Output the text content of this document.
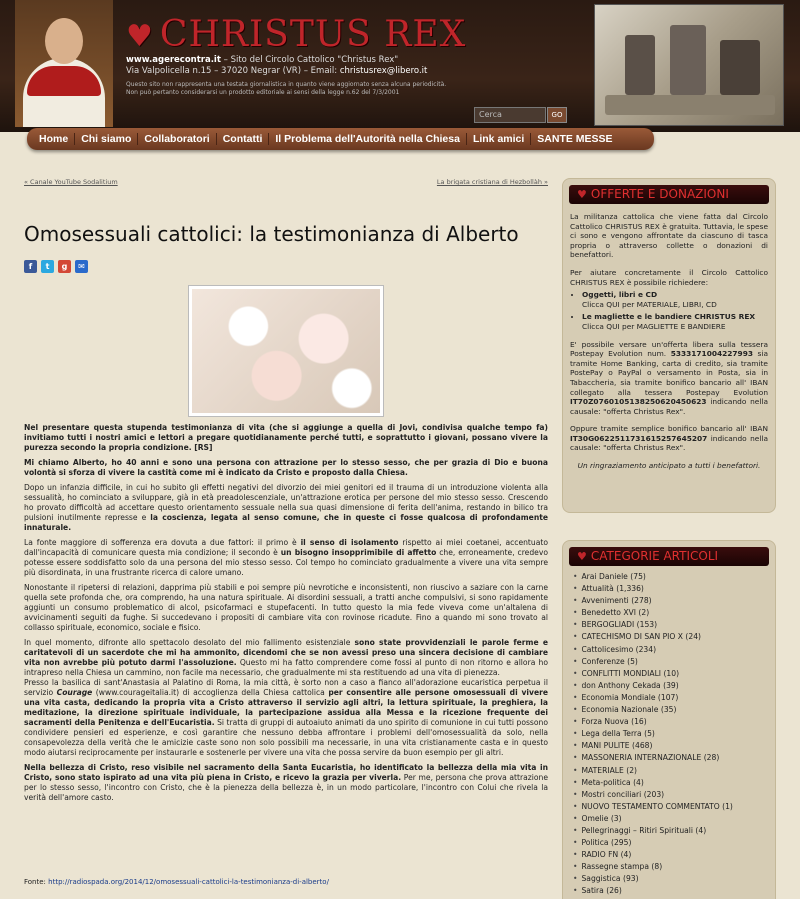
♥ CHRISTUS REX
www.agerecontra.it – Sito del Circolo Cattolico "Christus Rex"
Via Valpolicella n.15 – 37020 Negrar (VR) – Email: christusrex@libero.it
Questo sito non rappresenta una testata giornalistica in quanto viene aggiornato senza alcuna periodicità.
Non può pertanto considerarsi un prodotto editoriale ai sensi della legge n.62 del 7/3/2001
Cerca	GO
Home	Chi siamo	Collaboratori	Contatti	Il Problema dell'Autorità nella Chiesa	Link amici	SANTE MESSE
« Canale YouTube Sodalitium	La brigata cristiana di Hezbollàh »
Omosessuali cattolici: la testimonianza di Alberto
f	t	g	✉

Nel presentare questa stupenda testimonianza di vita (che si aggiunge a quella di Jovi, condivisa qualche tempo fa) invitiamo tutti i nostri amici e lettori a pregare quotidianamente perché tutti, e soprattutto i giovani, possano vivere la purezza secondo la propria condizione. [RS]

Mi chiamo Alberto, ho 40 anni e sono una persona con attrazione per lo stesso sesso, che per grazia di Dio e buona volontà si sforza di vivere la castità come mi è indicato da Cristo e proposto dalla Chiesa.

Dopo un infanzia difficile, in cui ho subito gli effetti negativi del divorzio dei miei genitori ed il trauma di un introduzione violenta alla sessualità, ho cominciato a sviluppare, già in età preadolescenziale, un'attrazione erotica per persone del mio stesso sesso. Crescendo ho provato difficoltà ad accettare questo orientamento sessuale nella sua quasi dimensione di ferita dell'anima, restando in bilico tra pulsioni inutilmente represse e la coscienza, legata al senso comune, che in queste ci fosse qualcosa di profondamente innaturale.

La fonte maggiore di sofferenza era dovuta a due fattori: il primo è il senso di isolamento rispetto ai miei coetanei, accentuato dall'incapacità di comunicare questa mia condizione; il secondo è un bisogno insopprimibile di affetto che, erroneamente, credevo potesse essere soddisfatto solo da una persona del mio stesso sesso. Col tempo ho cominciato gradualmente a vivere una vita sempre più disordinata, in una frustrante ricerca di calore umano.

Nonostante il ripetersi di relazioni, dapprima più stabili e poi sempre più nevrotiche e inconsistenti, non riuscivo a saziare con la carne quella sete profonda che, ora comprendo, ha una natura spirituale. Ai disordini sessuali, a tratti anche compulsivi, si sono rapidamente aggiunti un consumo problematico di alcol, psicofarmaci e stupefacenti. In tutto questo la mia fede viveva come un'altalena di avvicinamenti seguiti da fughe. Si succedevano i propositi di cambiare vita con rovinose ricadute. Fino a quando mi sono trovato al collasso spirituale, economico, sociale e fisico.

In quel momento, difronte allo spettacolo desolato del mio fallimento esistenziale sono state provvidenziali le parole ferme e caritatevoli di un sacerdote che mi ha ammonito, dicendomi che se non avessi preso una sincera decisione di cambiare vita non avrebbe più potuto darmi l'assoluzione. Questo mi ha fatto comprendere come fossi al punto di non ritorno e allora ho intrapreso nella Chiesa un cammino, non facile ma necessario, che gradualmente mi sta restituendo ad una vita di pienezza.

Presso la basilica di sant'Anastasia al Palatino di Roma, la mia città, è sorto non a caso a fianco all'adorazione eucaristica perpetua il servizio Courage (www.courageitalia.it) di accoglienza della Chiesa cattolica per consentire alle persone omosessuali di vivere una vita casta, dedicando la propria vita a Cristo attraverso il servizio agli altri, la lettura spirituale, la preghiera, la meditazione, la direzione spirituale individuale, la partecipazione assidua alla Messa e la ricezione frequente dei sacramenti della Penitenza e dell'Eucaristia. Si tratta di gruppi di autoaiuto animati da uno spirito di comunione in cui tutti possono condividere pensieri ed esperienze, e così garantire che nessuno debba affrontare i problemi dell'omosessualità da solo, nella consapevolezza della verità che le amicizie caste sono non solo possibili ma necessarie, in una vita cristianamente casta e in questo modo aiutarsi reciprocamente per instaurarle e sostenerle per vivere una vita che possa servire da buon esempio per gli altri.

Nella bellezza di Cristo, reso visibile nel sacramento della Santa Eucaristia, ho identificato la bellezza della mia vita in Cristo, sono stato ispirato ad una vita più piena in Cristo, e ricevo la grazia per viverla. Per me, persona che prova attrazione per lo stesso sesso, l'incontro con Cristo, che è la pienezza della bellezza è, in un modo particolare, l'incontro con Colui che rivela la verità dell'amore casto.

Fonte: http://radiospada.org/2014/12/omosessuali-cattolici-la-testimonianza-di-alberto/
♥ OFFERTE E DONAZIONI

La militanza cattolica che viene fatta dal Circolo Cattolico CHRISTUS REX è gratuita. Tuttavia, le spese ci sono e vengono affrontate da ciascuno di tasca propria o attraverso collette o donazioni di benefattori.

Per aiutare concretamente il Circolo Cattolico CHRISTUS REX è possibile richiedere:

• Oggetti, libri e CD
Clicca QUI per MATERIALE, LIBRI, CD
• Le magliette e le bandiere CHRISTUS REX
Clicca QUI per MAGLIETTE E BANDIERE

E' possibile versare un'offerta libera sulla tessera Postepay Evolution num. 5333171004227993 sia tramite Home Banking, carta di credito, sia tramite PostePay o PayPal o versamento in Posta, sia in Tabaccheria, sia tramite bonifico bancario all' IBAN collegato alla tessera Postepay Evolution IT70Z0760105138250620450623 indicando nella causale: "offerta Christus Rex".

Oppure tramite semplice bonifico bancario all' IBAN IT30G0622511731615257645207 indicando nella causale: "offerta Christus Rex".

Un ringraziamento anticipato a tutti i benefattori.

♥ CATEGORIE ARTICOLI
• Arai Daniele (75)
• Attualità (1,336)
• Avvenimenti (278)
• Benedetto XVI (2)
• BERGOGLIADI (153)
• CATECHISMO DI SAN PIO X (24)
• Cattolicesimo (234)
• Conferenze (5)
• CONFLITTI MONDIALI (10)
• don Anthony Cekada (39)
• Economia Mondiale (107)
• Economia Nazionale (35)
• Forza Nuova (16)
• Lega della Terra (5)
• MANI PULITE (468)
• MASSONERIA INTERNAZIONALE (28)
• MATERIALE (2)
• Meta-politica (4)
• Mostri conciliari (203)
• NUOVO TESTAMENTO COMMENTATO (1)
• Omelie (3)
• Pellegrinaggi – Ritiri Spirituali (4)
• Politica (295)
• RADIO FN (4)
• Rassegne stampa (8)
• Saggistica (93)
• Satira (26)
